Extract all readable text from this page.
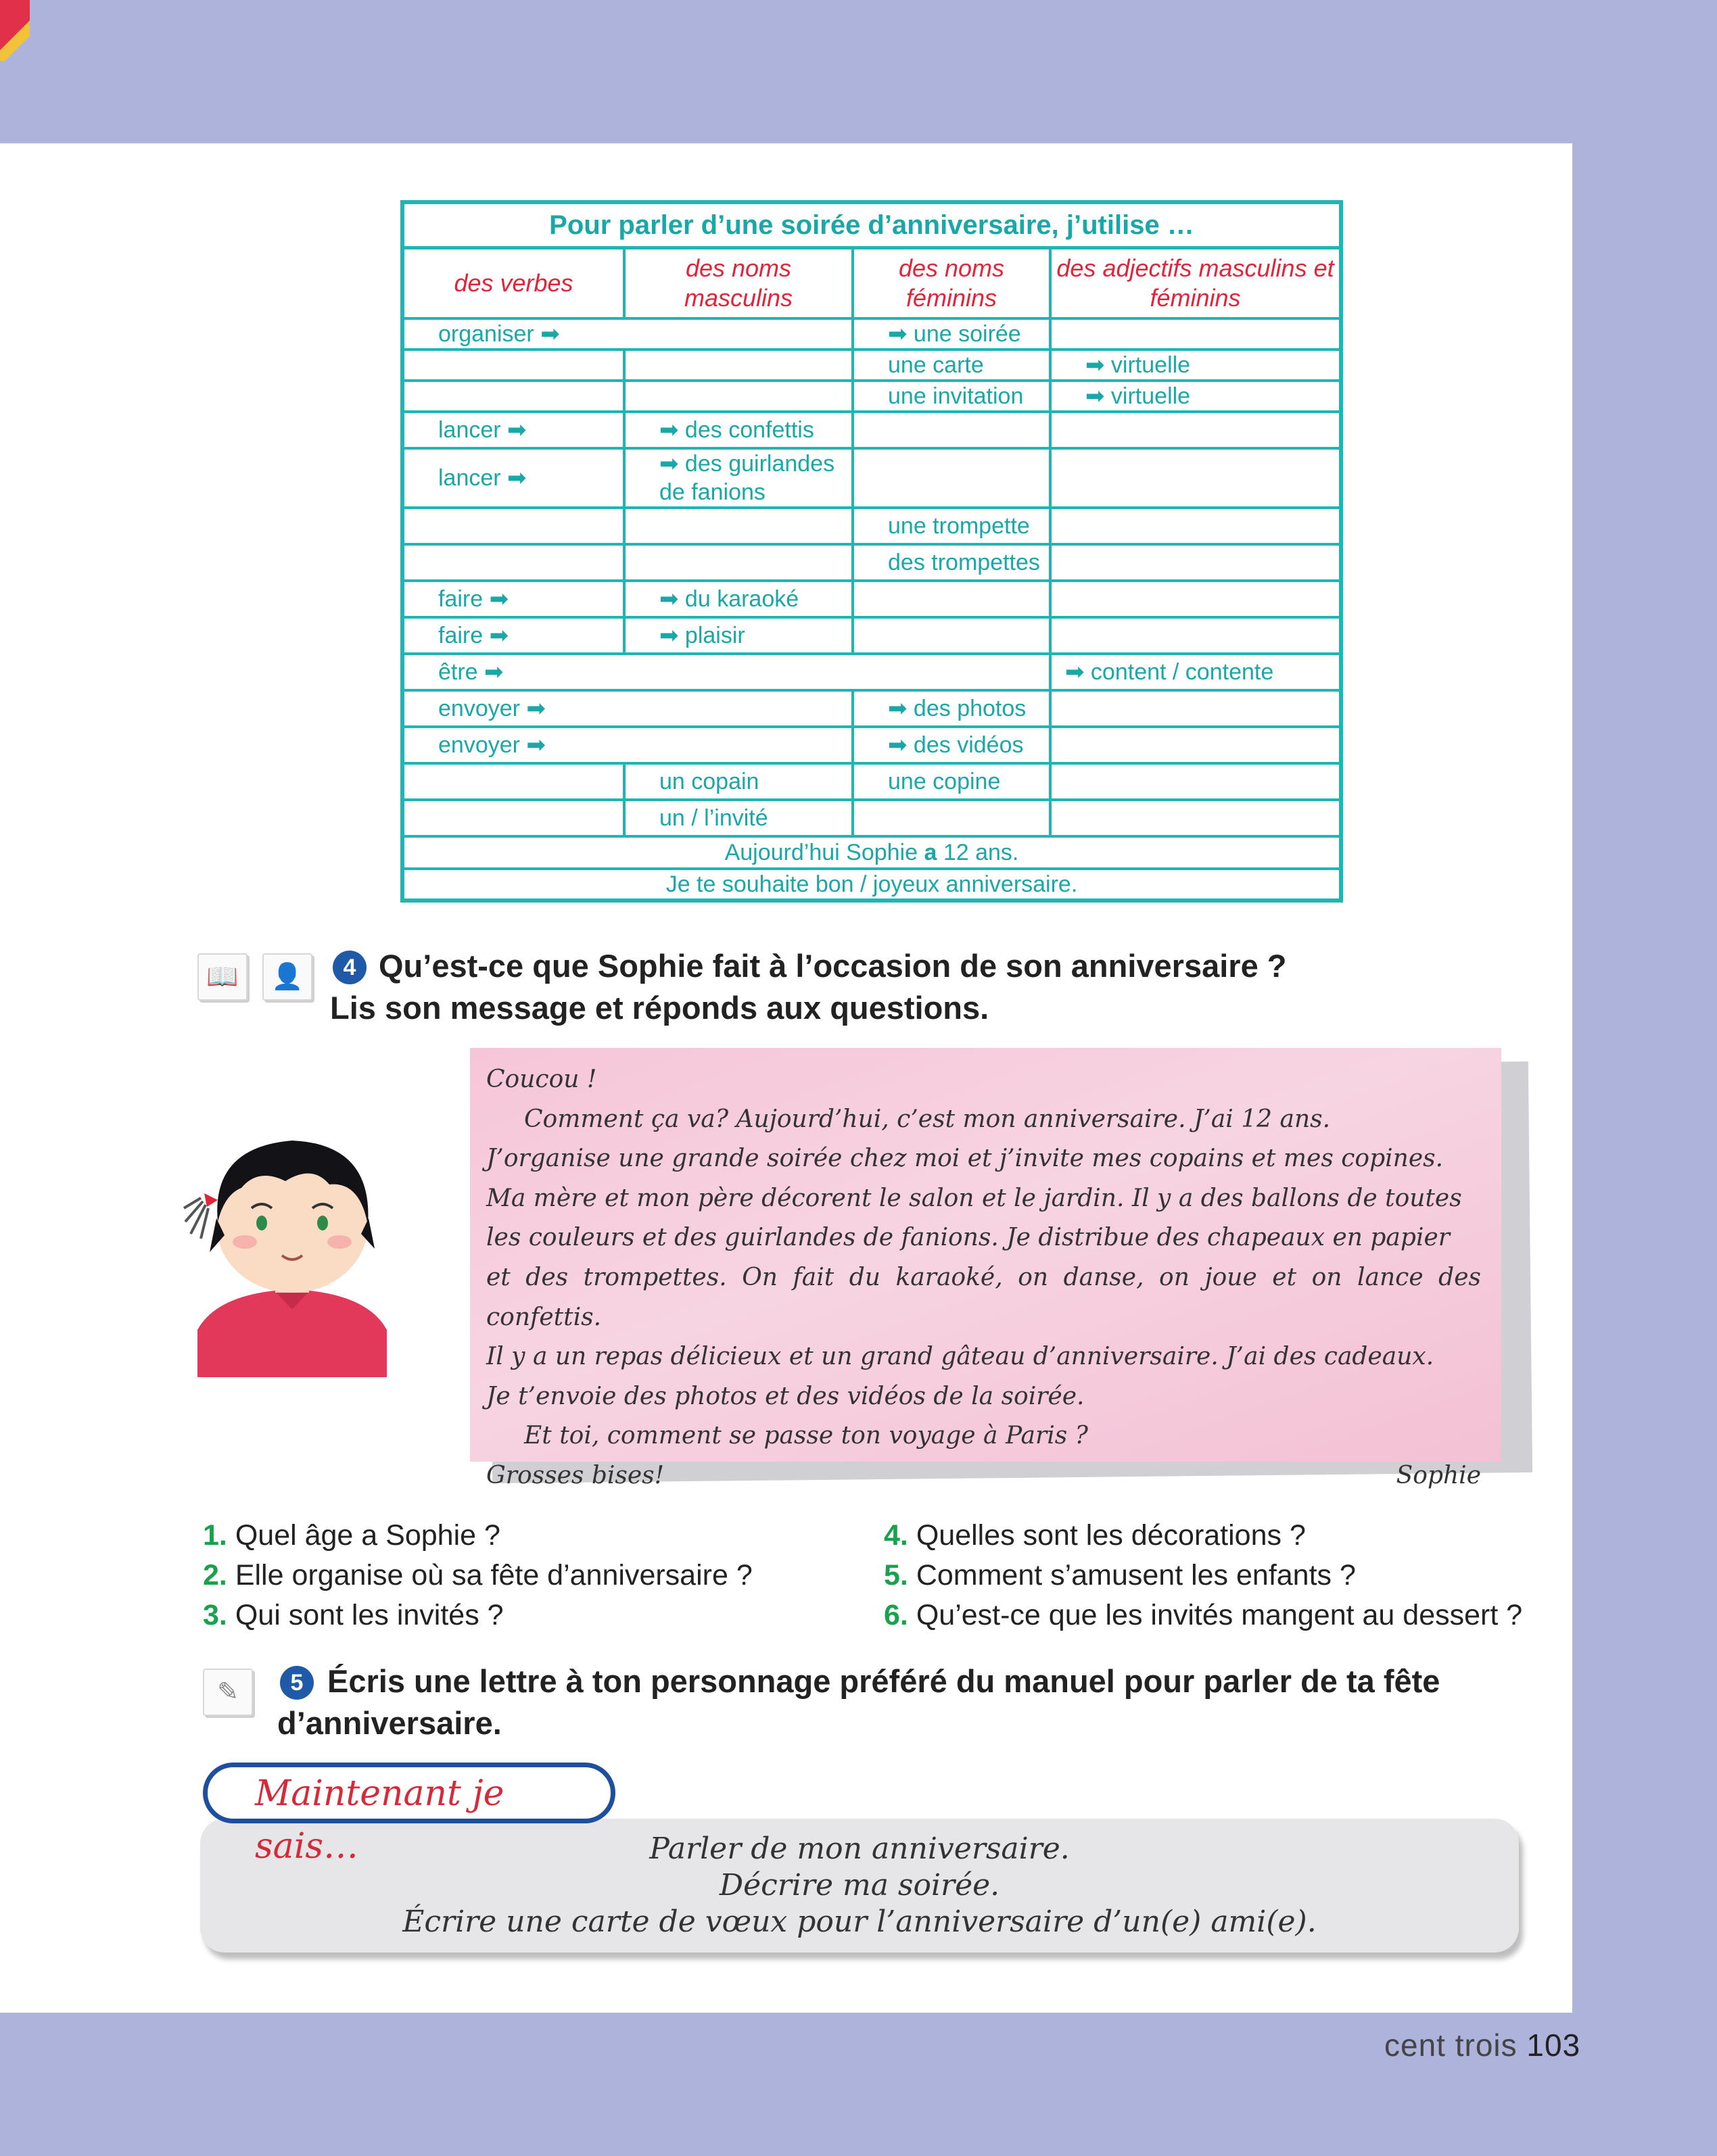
Pour parler d’une soirée d’anniversaire, j’utilise …
des verbes	des noms masculins	des noms féminins	des adjectifs masculins et féminins
organiser ➡		➡ une soirée	
		une carte	➡ virtuelle
		une invitation	➡ virtuelle
lancer ➡	➡ des confettis		
lancer ➡	➡ des guirlandes de fanions		
		une trompette	
		des trompettes	
faire ➡	➡ du karaoké		
faire ➡	➡ plaisir		
être ➡			➡ content / contente
envoyer ➡		➡ des photos	
envoyer ➡		➡ des vidéos	
	un copain	une copine	
	un / l’invité		
Aujourd’hui Sophie a 12 ans.			
Je te souhaite bon / joyeux anniversaire.			
📖	👤	4 Qu’est-ce que Sophie fait à l’occasion de son anniversaire ?
Lis son message et réponds aux questions.

Coucou !

Comment ça va? Aujourd’hui, c’est mon anniversaire. J’ai 12 ans.

J’organise une grande soirée chez moi et j’invite mes copains et mes copines.

Ma mère et mon père décorent le salon et le jardin. Il y a des ballons de toutes

les couleurs et des guirlandes de fanions. Je distribue des chapeaux en papier

et des trompettes. On fait du karaoké, on danse, on joue et on lance des confettis.

Il y a un repas délicieux et un grand gâteau d’anniversaire. J’ai des cadeaux.

Je t’envoie des photos et des vidéos de la soirée.

Et toi, comment se passe ton voyage à Paris ?

Grosses bises!	Sophie

1. Quel âge a Sophie ?
2. Elle organise où sa fête d’anniversaire ?
3. Qui sont les invités ?
4. Quelles sont les décorations ?
5. Comment s’amusent les enfants ?
6. Qu’est-ce que les invités mangent au dessert ?
✎	5 Écris une lettre à ton personnage préféré du manuel pour parler de ta fête
d’anniversaire.
Parler de mon anniversaire.
Décrire ma soirée.
Écrire une carte de vœux pour l’anniversaire d’un(e) ami(e).
Maintenant je sais…
cent trois 103
